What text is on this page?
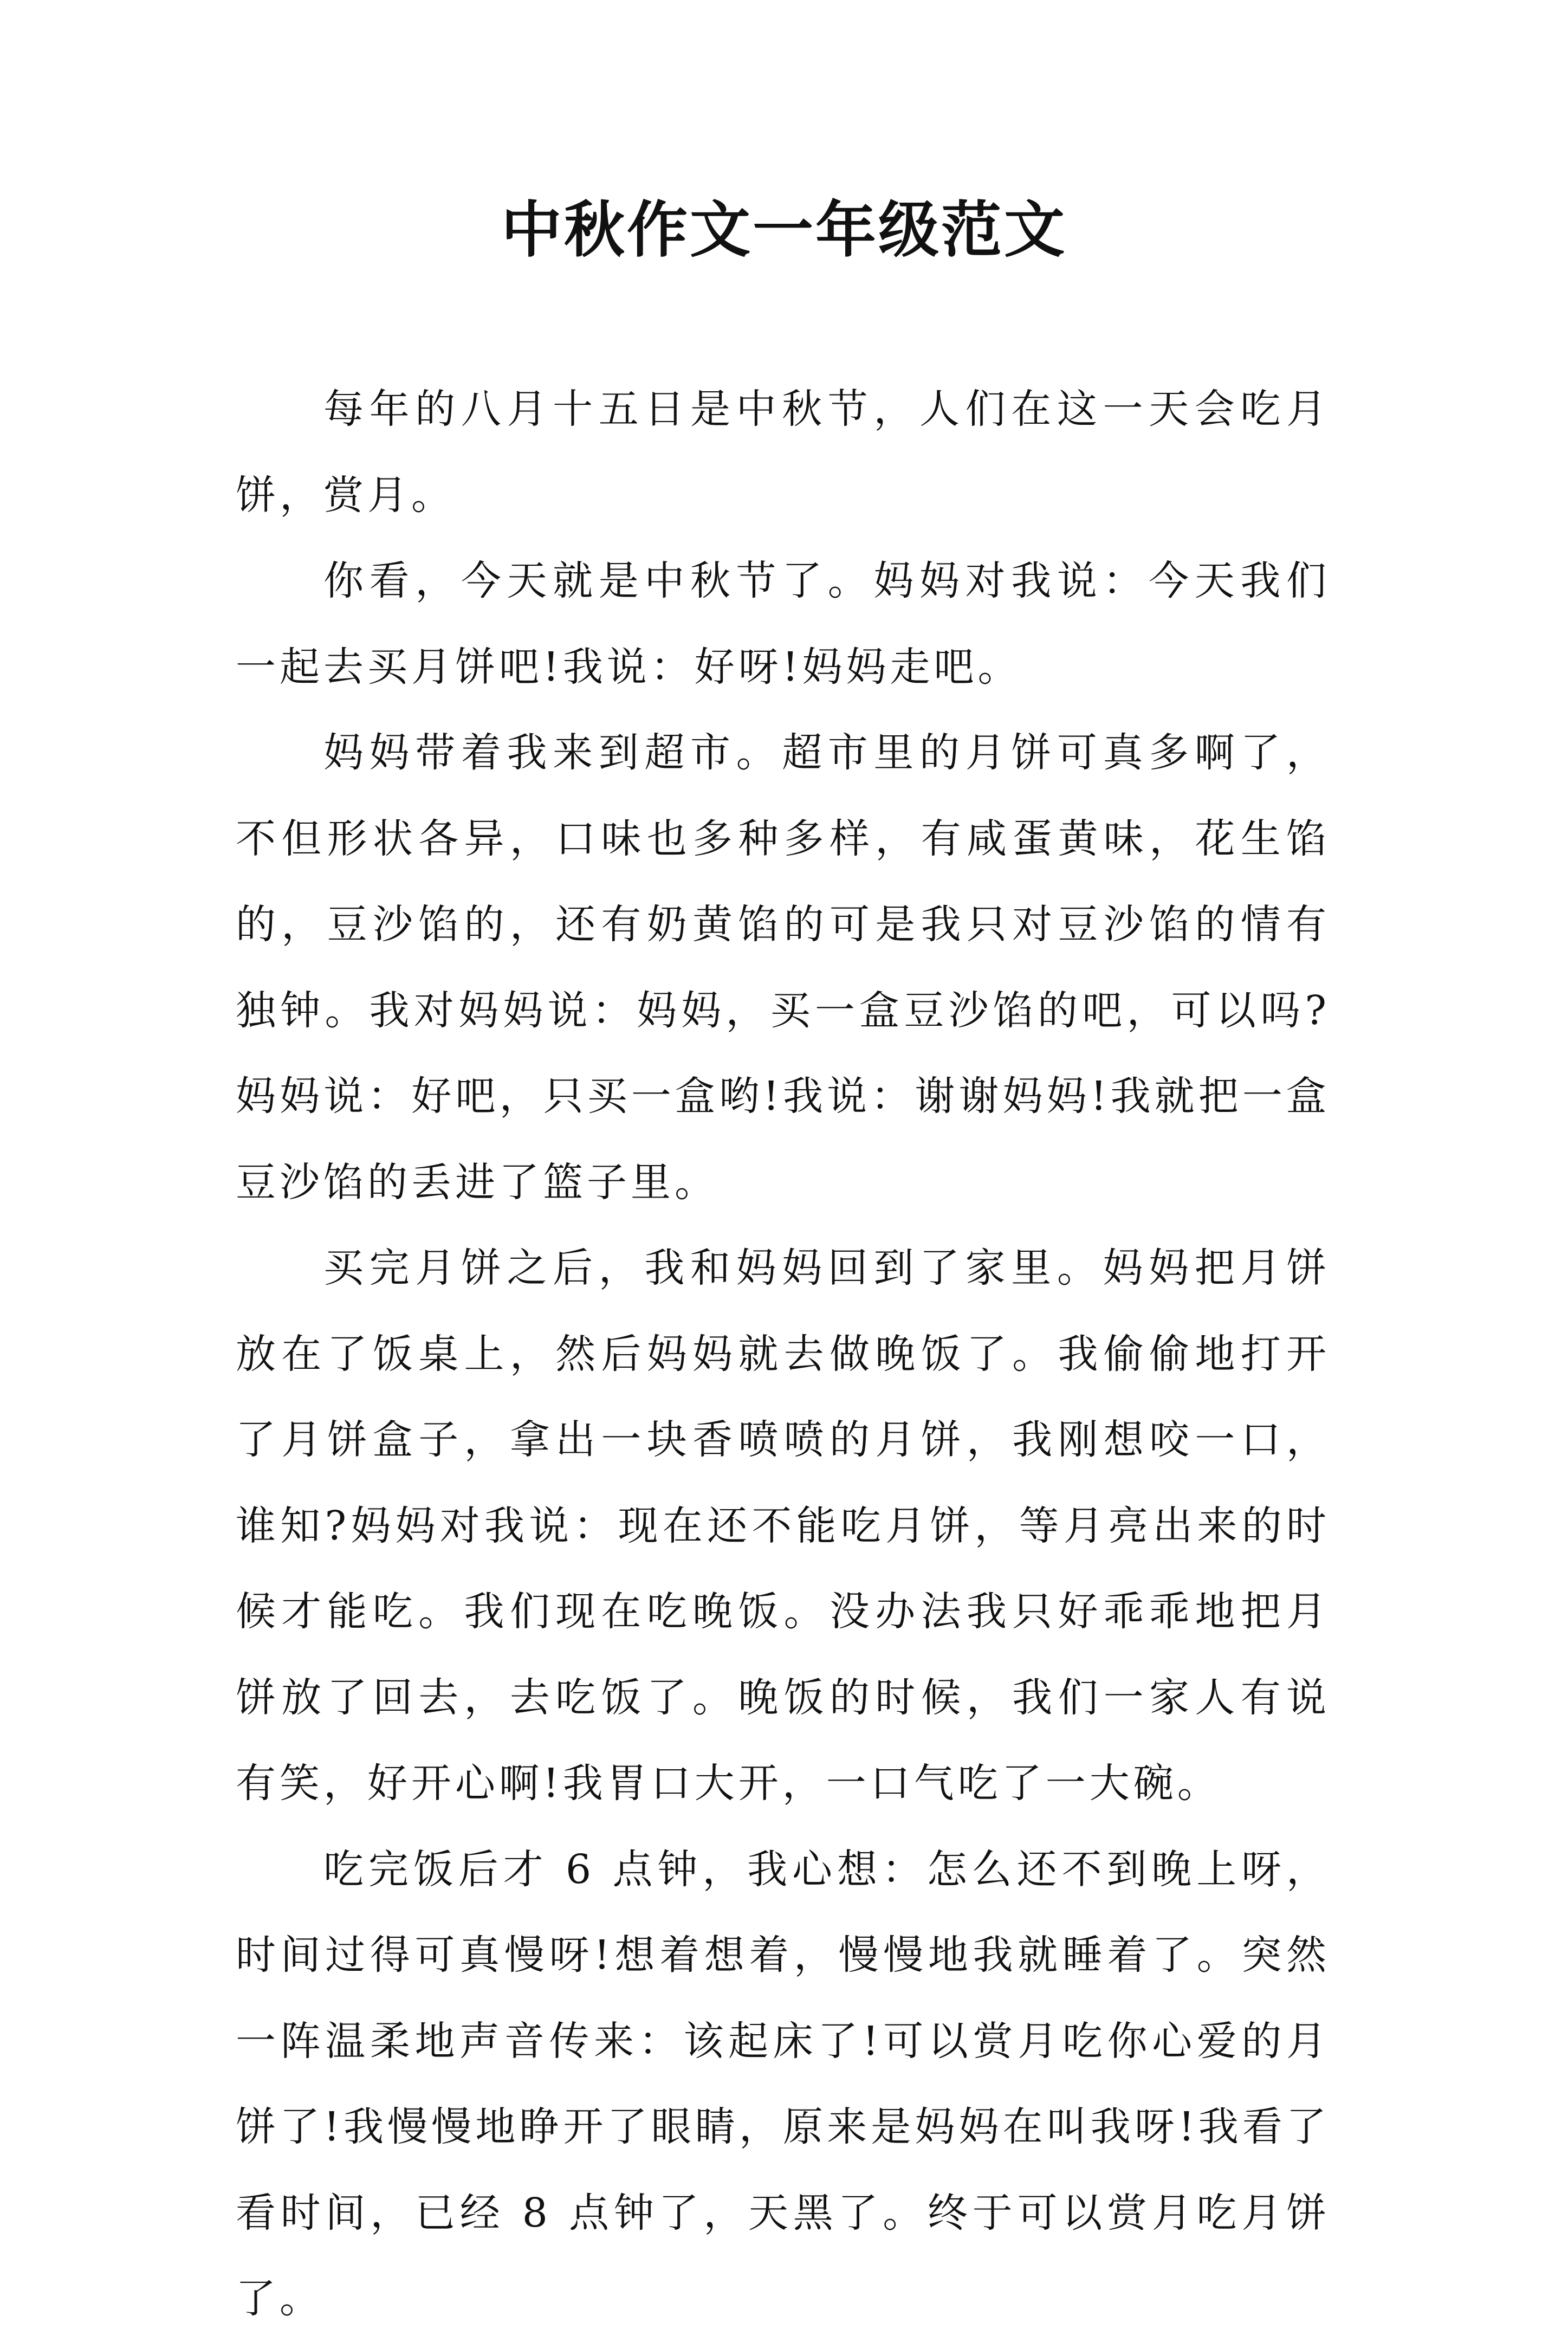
中秋作文一年级范文

每年的八月十五日是中秋节，人们在这一天会吃月饼，赏月。

你看，今天就是中秋节了。妈妈对我说：今天我们一起去买月饼吧!我说：好呀!妈妈走吧。

妈妈带着我来到超市。超市里的月饼可真多啊了，不但形状各异，口味也多种多样，有咸蛋黄味，花生馅的，豆沙馅的，还有奶黄馅的可是我只对豆沙馅的情有独钟。我对妈妈说：妈妈，买一盒豆沙馅的吧，可以吗?妈妈说：好吧，只买一盒哟!我说：谢谢妈妈!我就把一盒豆沙馅的丢进了篮子里。

买完月饼之后，我和妈妈回到了家里。妈妈把月饼放在了饭桌上，然后妈妈就去做晚饭了。我偷偷地打开了月饼盒子，拿出一块香喷喷的月饼，我刚想咬一口，谁知?妈妈对我说：现在还不能吃月饼，等月亮出来的时候才能吃。我们现在吃晚饭。没办法我只好乖乖地把月饼放了回去，去吃饭了。晚饭的时候，我们一家人有说有笑，好开心啊!我胃口大开，一口气吃了一大碗。

吃完饭后才 6 点钟，我心想：怎么还不到晚上呀，时间过得可真慢呀!想着想着，慢慢地我就睡着了。突然一阵温柔地声音传来：该起床了!可以赏月吃你心爱的月饼了!我慢慢地睁开了眼睛，原来是妈妈在叫我呀!我看了看时间，已经 8 点钟了，天黑了。终于可以赏月吃月饼了。
